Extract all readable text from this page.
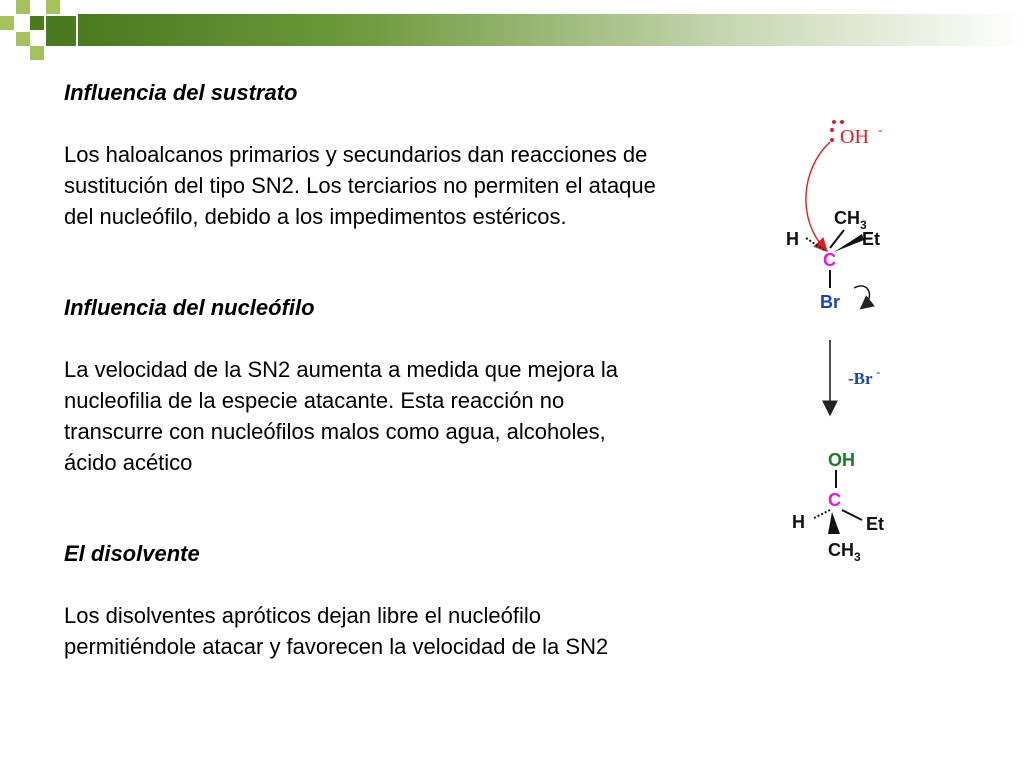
Influencia del sustrato
Los haloalcanos primarios y secundarios dan reacciones de
sustitución del tipo SN2. Los terciarios no permiten el ataque
del nucleófilo, debido a los impedimentos estéricos.
Influencia del nucleófilo
La velocidad de la SN2 aumenta a medida que mejora la
nucleofilia de la especie atacante. Esta reacción no
transcurre con nucleófilos malos como agua, alcoholes,
ácido acético
El disolvente
Los disolventes apróticos dejan libre el nucleófilo
permitiéndole atacar y favorecen la velocidad de la SN2
OH -
$CH_3$
H	Et
C
Br
-Br -
OH
C
H	Et
$CH_3$
